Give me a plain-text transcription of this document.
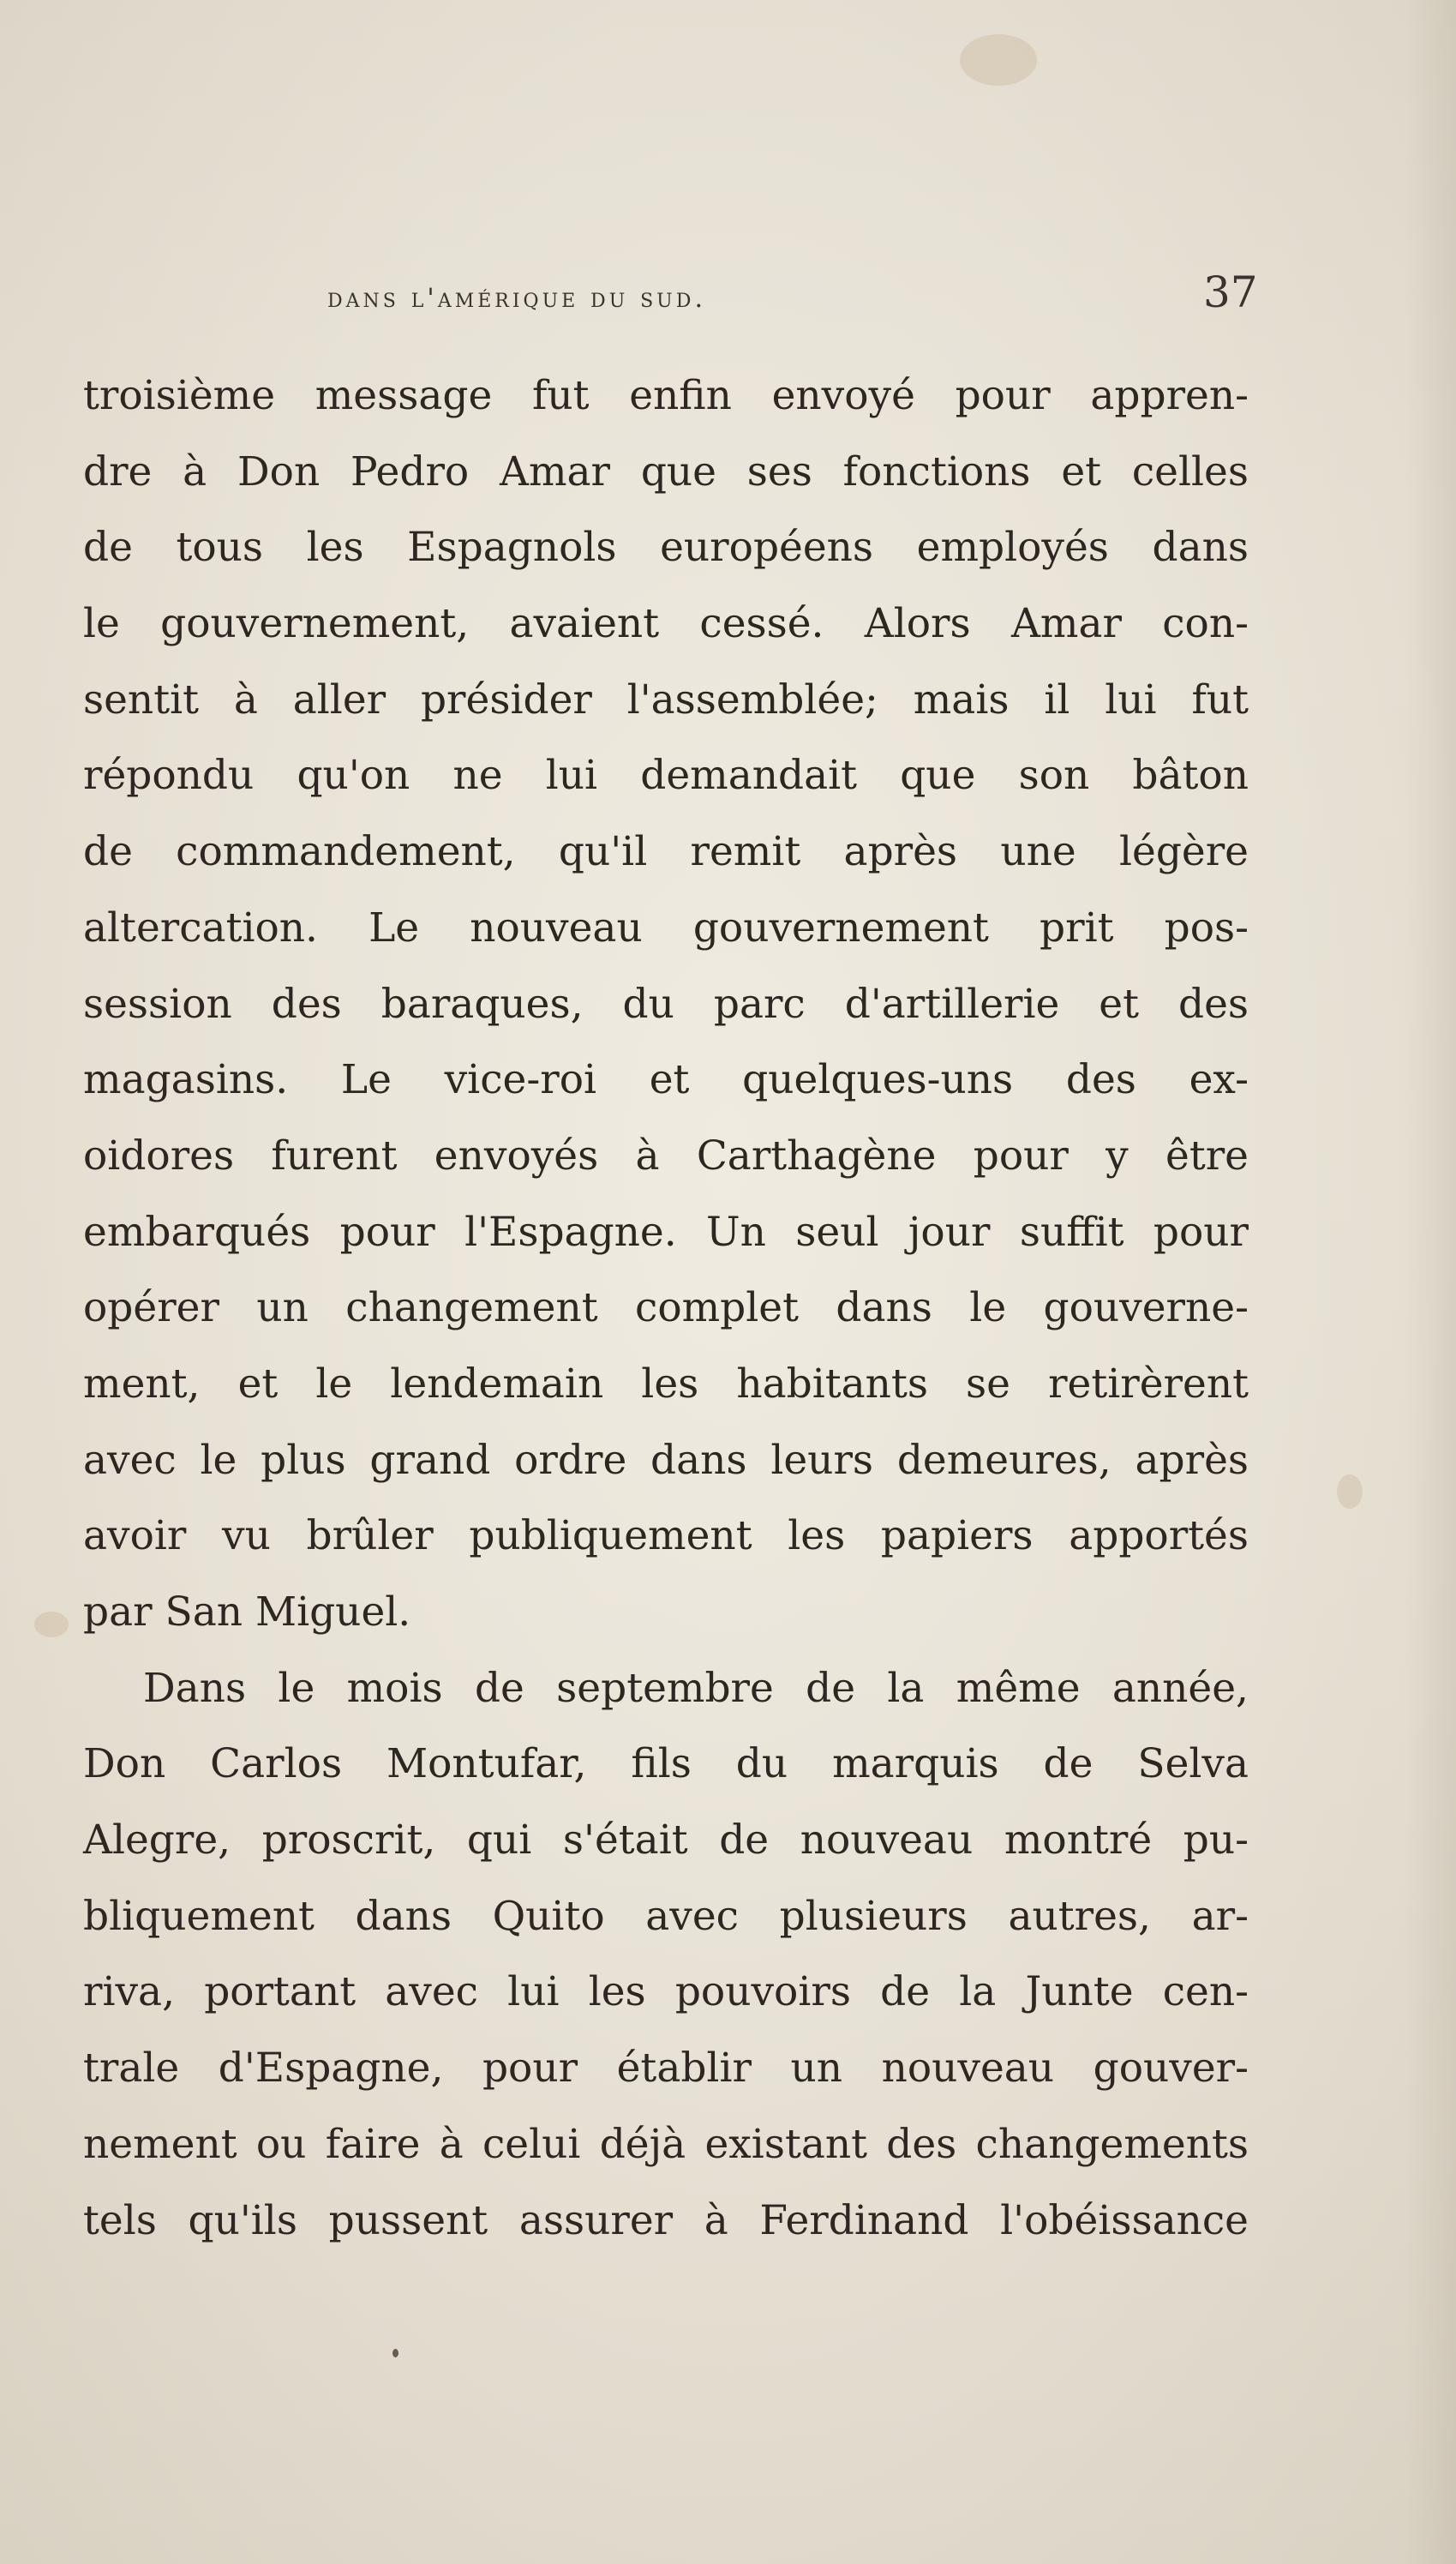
dans l'amérique du sud.	37
troisième message fut enfin envoyé pour appren-
dre à Don Pedro Amar que ses fonctions et celles
de tous les Espagnols européens employés dans
le gouvernement, avaient cessé. Alors Amar con-
sentit à aller présider l'assemblée; mais il lui fut
répondu qu'on ne lui demandait que son bâton
de commandement, qu'il remit après une légère
altercation. Le nouveau gouvernement prit pos-
session des baraques, du parc d'artillerie et des
magasins. Le vice-roi et quelques-uns des ex-
oidores furent envoyés à Carthagène pour y être
embarqués pour l'Espagne. Un seul jour suffit pour
opérer un changement complet dans le gouverne-
ment, et le lendemain les habitants se retirèrent
avec le plus grand ordre dans leurs demeures, après
avoir vu brûler publiquement les papiers apportés
par San Miguel.
Dans le mois de septembre de la même année,
Don Carlos Montufar, fils du marquis de Selva
Alegre, proscrit, qui s'était de nouveau montré pu-
bliquement dans Quito avec plusieurs autres, ar-
riva, portant avec lui les pouvoirs de la Junte cen-
trale d'Espagne, pour établir un nouveau gouver-
nement ou faire à celui déjà existant des changements
tels qu'ils pussent assurer à Ferdinand l'obéissance
